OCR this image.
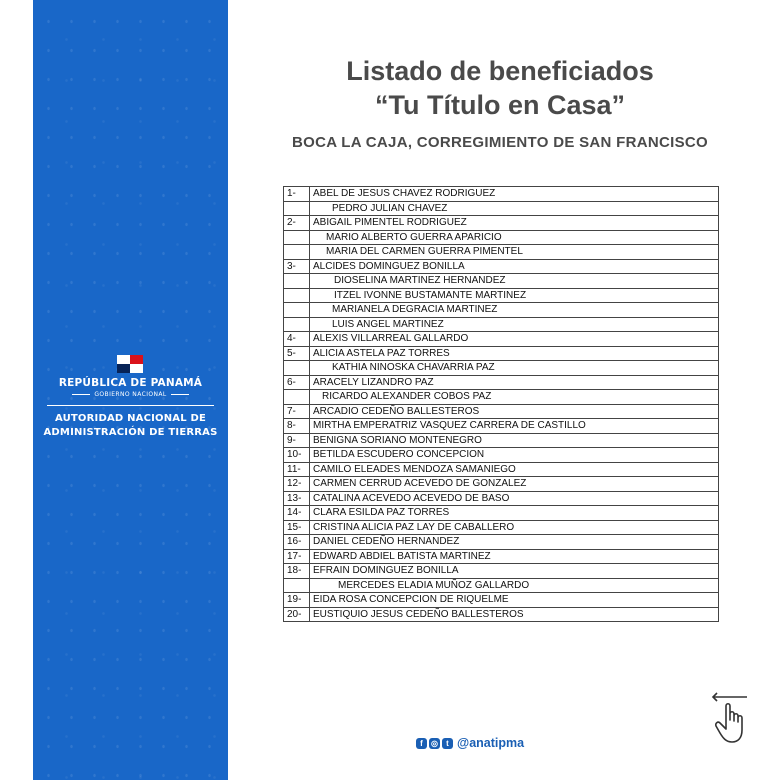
REPÚBLICA DE PANAMÁ
GOBIERNO NACIONAL
AUTORIDAD NACIONAL DE
ADMINISTRACIÓN DE TIERRAS
Listado de beneficiados
“Tu Título en Casa”
BOCA LA CAJA, CORREGIMIENTO DE SAN FRANCISCO
1-	ABEL DE JESUS CHAVEZ RODRIGUEZ
	PEDRO JULIAN CHAVEZ
2-	ABIGAIL PIMENTEL RODRIGUEZ
	MARIO ALBERTO GUERRA APARICIO
	MARIA DEL CARMEN GUERRA PIMENTEL
3-	ALCIDES DOMINGUEZ BONILLA
	DIOSELINA MARTINEZ HERNANDEZ
	ITZEL IVONNE BUSTAMANTE MARTINEZ
	MARIANELA DEGRACIA MARTINEZ
	LUIS ANGEL MARTINEZ
4-	ALEXIS VILLARREAL GALLARDO
5-	ALICIA ASTELA PAZ TORRES
	KATHIA NINOSKA CHAVARRIA PAZ
6-	ARACELY LIZANDRO PAZ
	RICARDO ALEXANDER COBOS PAZ
7-	ARCADIO CEDEÑO BALLESTEROS
8-	MIRTHA EMPERATRIZ VASQUEZ CARRERA DE CASTILLO
9-	BENIGNA SORIANO MONTENEGRO
10-	BETILDA ESCUDERO CONCEPCION
11-	CAMILO ELEADES MENDOZA SAMANIEGO
12-	CARMEN CERRUD ACEVEDO DE GONZALEZ
13-	CATALINA ACEVEDO ACEVEDO DE BASO
14-	CLARA ESILDA PAZ TORRES
15-	CRISTINA ALICIA PAZ LAY DE CABALLERO
16-	DANIEL CEDEÑO HERNANDEZ
17-	EDWARD ABDIEL BATISTA MARTINEZ
18-	EFRAIN DOMINGUEZ BONILLA
	MERCEDES ELADIA MUÑOZ GALLARDO
19-	EIDA ROSA CONCEPCION DE RIQUELME
20-	EUSTIQUIO JESUS CEDEÑO BALLESTEROS
f	◎	t @anatipma
